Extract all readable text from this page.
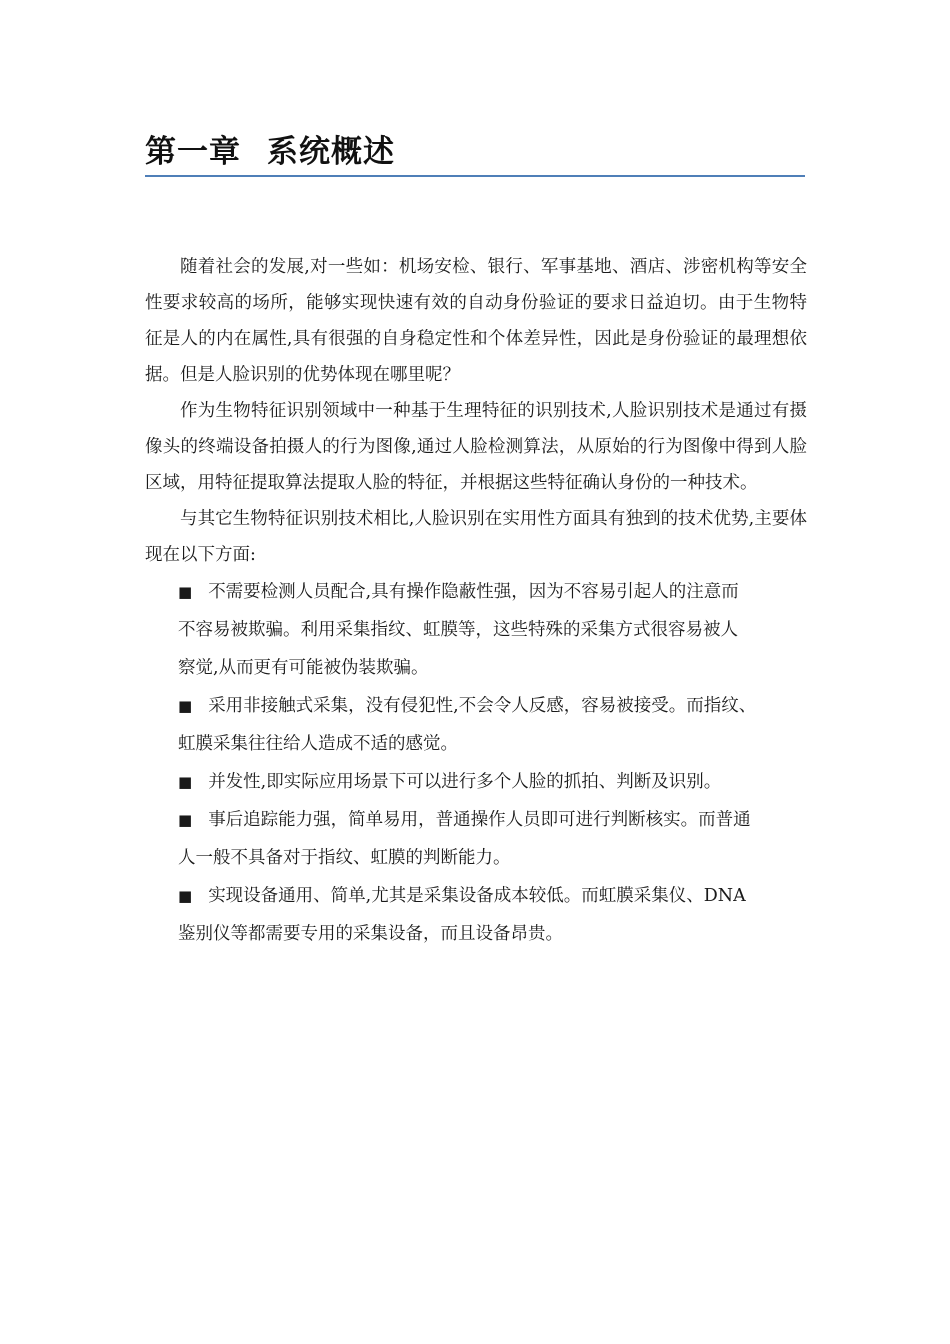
第一章 系统概述

随着社会的发展,对一些如：机场安检、银行、军事基地、酒店、涉密机构等安全性要求较高的场所，能够实现快速有效的自动身份验证的要求日益迫切。由于生物特征是人的内在属性,具有很强的自身稳定性和个体差异性，因此是身份验证的最理想依据。但是人脸识别的优势体现在哪里呢？

作为生物特征识别领域中一种基于生理特征的识别技术,人脸识别技术是通过有摄像头的终端设备拍摄人的行为图像,通过人脸检测算法，从原始的行为图像中得到人脸区域，用特征提取算法提取人脸的特征，并根据这些特征确认身份的一种技术。

与其它生物特征识别技术相比,人脸识别在实用性方面具有独到的技术优势,主要体现在以下方面:

■ 不需要检测人员配合,具有操作隐蔽性强，因为不容易引起人的注意而
不容易被欺骗。利用采集指纹、虹膜等，这些特殊的采集方式很容易被人
察觉,从而更有可能被伪装欺骗。
■ 采用非接触式采集，没有侵犯性,不会令人反感，容易被接受。而指纹、
虹膜采集往往给人造成不适的感觉。
■ 并发性,即实际应用场景下可以进行多个人脸的抓拍、判断及识别。
■ 事后追踪能力强，简单易用，普通操作人员即可进行判断核实。而普通
人一般不具备对于指纹、虹膜的判断能力。
■ 实现设备通用、简单,尤其是采集设备成本较低。而虹膜采集仪、DNA
鉴别仪等都需要专用的采集设备，而且设备昂贵。
